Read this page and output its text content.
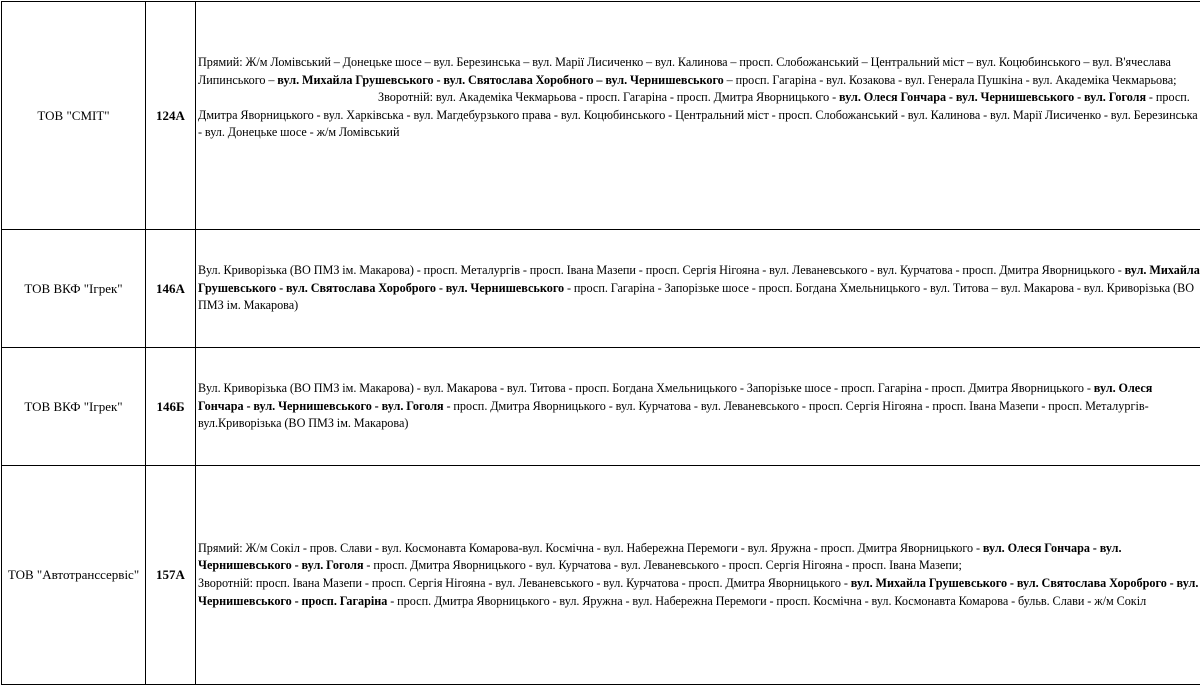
ТОВ "СМІТ"	124А	Прямий: Ж/м Ломівський – Донецьке шосе – вул. Березинська – вул. Марії Лисиченко – вул. Калинова – просп. Слобожанський – Центральний міст – вул. Коцюбинського – вул. В'ячеслава Липинського – вул. Михайла Грушевського - вул. Святослава Хоробного – вул. Чернишевського – просп. Гагаріна - вул. Козакова - вул. Генерала Пушкіна - вул. Академіка Чекмарьова;Зворотній: вул. Академіка Чекмарьова - просп. Гагаріна - просп. Дмитра Яворницького - вул. Олеся Гончара - вул. Чернишевського - вул. Гоголя - просп. Дмитра Яворницького - вул. Харківська - вул. Магдебурзького права - вул. Коцюбинського - Центральний міст - просп. Слобожанський - вул. Калинова - вул. Марії Лисиченко - вул. Березинська - вул. Донецьке шосе - ж/м Ломівський

ТОВ ВКФ "Ігрек"	146А	Вул. Криворізька (ВО ПМЗ ім. Макарова) - просп. Металургів - просп. Івана Мазепи - просп. Сергія Нігояна - вул. Леваневського - вул. Курчатова - просп. Дмитра Яворницького - вул. Михайла Грушевського - вул. Святослава Хороброго - вул. Чернишевського - просп. Гагаріна - Запорізьке шосе - просп. Богдана Хмельницького - вул. Титова – вул. Макарова - вул. Криворізька (ВО ПМЗ ім. Макарова)
ТОВ ВКФ "Ігрек"	146Б	Вул. Криворізька (ВО ПМЗ ім. Макарова) - вул. Макарова - вул. Титова - просп. Богдана Хмельницького - Запорізьке шосе - просп. Гагаріна - просп. Дмитра Яворницького - вул. Олеся Гончара - вул. Чернишевського - вул. Гоголя - просп. Дмитра Яворницького - вул. Курчатова - вул. Леваневського - просп. Сергія Нігояна - просп. Івана Мазепи - просп. Металургів- вул.Криворізька (ВО ПМЗ ім. Макарова)
ТОВ "Автотранссервіс"	157А	Прямий: Ж/м Сокіл - пров. Слави - вул. Космонавта Комарова-вул. Космічна - вул. Набережна Перемоги - вул. Яружна - просп. Дмитра Яворницького - вул. Олеся Гончара - вул. Чернишевського - вул. Гоголя - просп. Дмитра Яворницького - вул. Курчатова - вул. Леваневського - просп. Сергія Нігояна - просп. Івана Мазепи;
Зворотній: просп. Івана Мазепи - просп. Сергія Нігояна - вул. Леваневського - вул. Курчатова - просп. Дмитра Яворницького - вул. Михайла Грушевського - вул. Святослава Хороброго - вул. Чернишевського - просп. Гагаріна - просп. Дмитра Яворницького - вул. Яружна - вул. Набережна Перемоги - просп. Космічна - вул. Космонавта Комарова - бульв. Слави - ж/м Сокіл
